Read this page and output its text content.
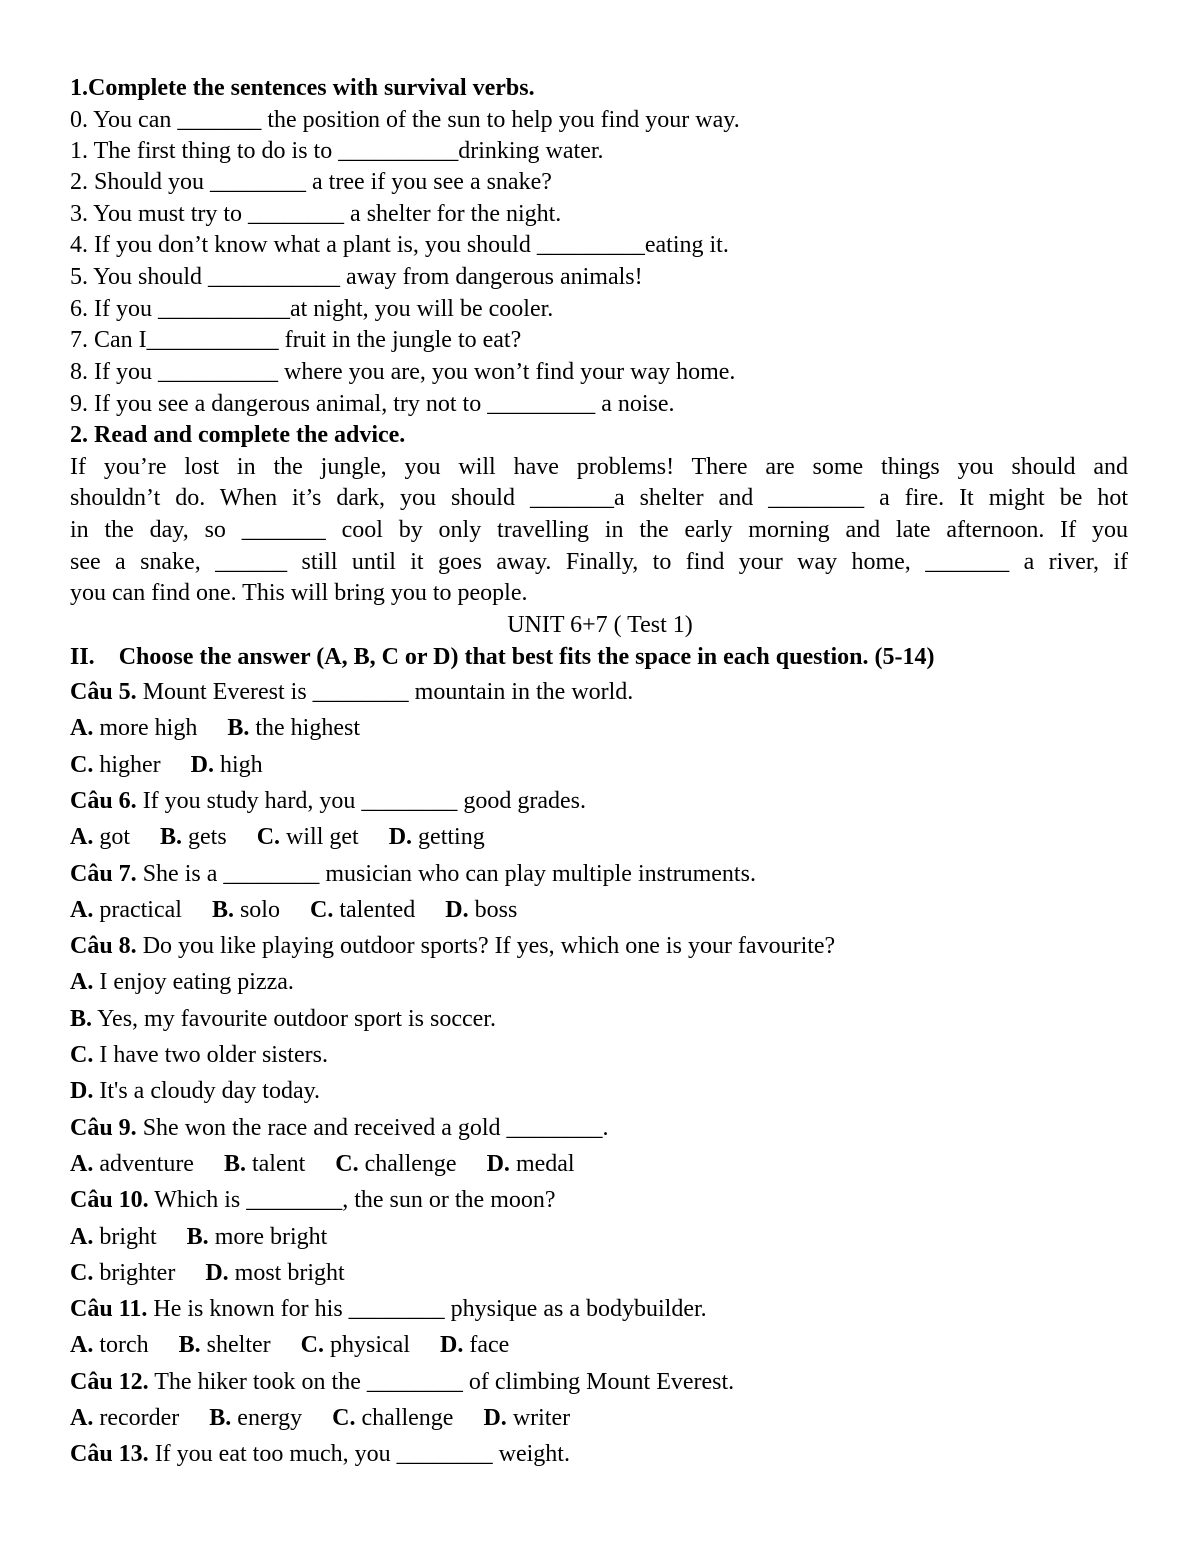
1.Complete the sentences with survival verbs.
0. You can _______ the position of the sun to help you find your way.
1. The first thing to do is to __________drinking water.
2. Should you ________ a tree if you see a snake?
3. You must try to ________ a shelter for the night.
4. If you don’t know what a plant is, you should _________eating it.
5. You should ___________ away from dangerous animals!
6. If you ___________at night, you will be cooler.
7. Can I___________ fruit in the jungle to eat?
8. If you __________ where you are, you won’t find your way home.
9. If you see a dangerous animal, try not to _________ a noise.
2. Read and complete the advice.
If you’re lost in the jungle, you will have problems! There are some things you should and
shouldn’t do. When it’s dark, you should _______a shelter and ________ a fire. It might be hot
in the day, so _______ cool by only travelling in the early morning and late afternoon. If you
see a snake, ______ still until it goes away. Finally, to find your way home, _______ a river, if
you can find one. This will bring you to people.
UNIT 6+7 ( Test 1)
II. Choose the answer (A, B, C or D) that best fits the space in each question. (5-14)
Câu 5. Mount Everest is ________ mountain in the world.
A. more high B. the highest
C. higher D. high
Câu 6. If you study hard, you ________ good grades.
A. got B. gets C. will get D. getting
Câu 7. She is a ________ musician who can play multiple instruments.
A. practical B. solo C. talented D. boss
Câu 8. Do you like playing outdoor sports? If yes, which one is your favourite?
A. I enjoy eating pizza.
B. Yes, my favourite outdoor sport is soccer.
C. I have two older sisters.
D. It's a cloudy day today.
Câu 9. She won the race and received a gold ________.
A. adventure B. talent C. challenge D. medal
Câu 10. Which is ________, the sun or the moon?
A. bright B. more bright
C. brighter D. most bright
Câu 11. He is known for his ________ physique as a bodybuilder.
A. torch B. shelter C. physical D. face
Câu 12. The hiker took on the ________ of climbing Mount Everest.
A. recorder B. energy C. challenge D. writer
Câu 13. If you eat too much, you ________ weight.
